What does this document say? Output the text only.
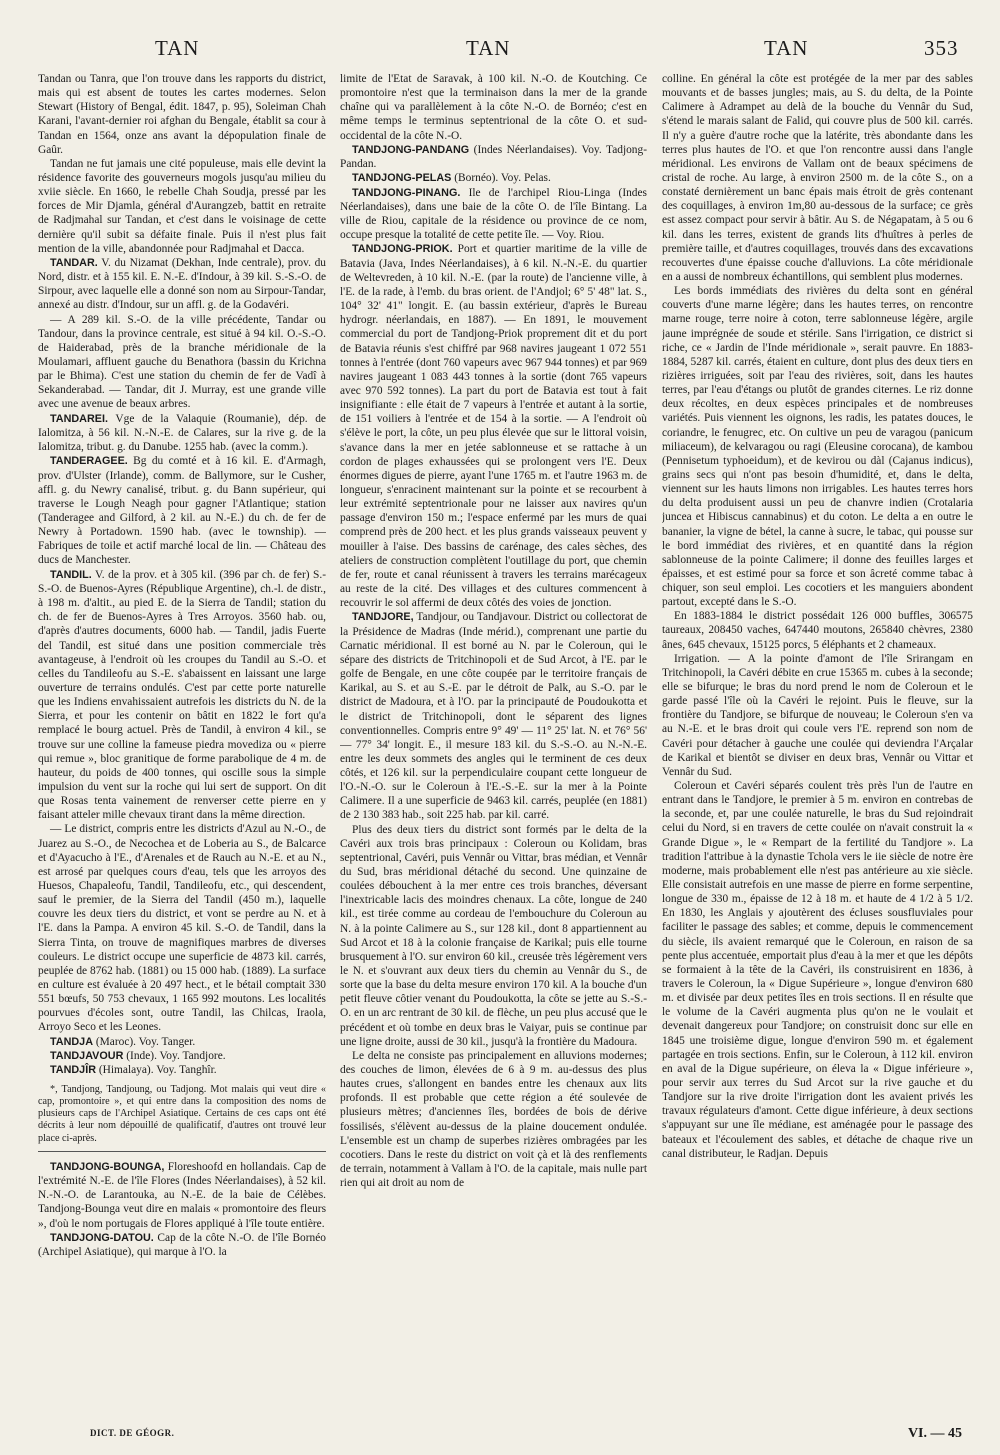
TAN	TAN	TAN	353

Tandan ou Tanra, que l'on trouve dans les rapports du district, mais qui est absent de toutes les cartes modernes. Selon Stewart (History of Bengal, édit. 1847, p. 95), Soleiman Chah Karani, l'avant-dernier roi afghan du Bengale, établit sa cour à Tandan en 1564, onze ans avant la dépopulation finale de Gaûr.

Tandan ne fut jamais une cité populeuse, mais elle devint la résidence favorite des gouverneurs mogols jusqu'au milieu du xviie siècle. En 1660, le rebelle Chah Soudja, pressé par les forces de Mir Djamla, général d'Aurangzeb, battit en retraite de Radjmahal sur Tandan, et c'est dans le voisinage de cette dernière qu'il subit sa défaite finale. Puis il n'est plus fait mention de la ville, abandonnée pour Radjmahal et Dacca.

TANDAR. V. du Nizamat (Dekhan, Inde centrale), prov. du Nord, distr. et à 155 kil. E. N.-E. d'Indour, à 39 kil. S.-S.-O. de Sirpour, avec laquelle elle a donné son nom au Sirpour-Tandar, annexé au distr. d'Indour, sur un affl. g. de la Godavéri.

— A 289 kil. S.-O. de la ville précédente, Tandar ou Tandour, dans la province centrale, est situé à 94 kil. O.-S.-O. de Haiderabad, près de la branche méridionale de la Moulamari, affluent gauche du Benathora (bassin du Krichna par le Bhima). C'est une station du chemin de fer de Vadî à Sekanderabad. — Tandar, dit J. Murray, est une grande ville avec une avenue de beaux arbres.

TANDAREI. Vge de la Valaquie (Roumanie), dép. de Ialomitza, à 56 kil. N.-N.-E. de Calares, sur la rive g. de la Ialomitza, tribut. g. du Danube. 1255 hab. (avec la comm.).

TANDERAGEE. Bg du comté et à 16 kil. E. d'Armagh, prov. d'Ulster (Irlande), comm. de Ballymore, sur le Cusher, affl. g. du Newry canalisé, tribut. g. du Bann supérieur, qui traverse le Lough Neagh pour gagner l'Atlantique; station (Tanderagee and Gilford, à 2 kil. au N.-E.) du ch. de fer de Newry à Portadown. 1590 hab. (avec le township). — Fabriques de toile et actif marché local de lin. — Château des ducs de Manchester.

TANDIL. V. de la prov. et à 305 kil. (396 par ch. de fer) S.-S.-O. de Buenos-Ayres (République Argentine), ch.-l. de distr., à 198 m. d'altit., au pied E. de la Sierra de Tandil; station du ch. de fer de Buenos-Ayres à Tres Arroyos. 3560 hab. ou, d'après d'autres documents, 6000 hab. — Tandil, jadis Fuerte del Tandil, est situé dans une position commerciale très avantageuse, à l'endroit où les croupes du Tandil au S.-O. et celles du Tandileofu au S.-E. s'abaissent en laissant une large ouverture de terrains ondulés. C'est par cette porte naturelle que les Indiens envahissaient autrefois les districts du N. de la Sierra, et pour les contenir on bâtit en 1822 le fort qu'a remplacé le bourg actuel. Près de Tandil, à environ 4 kil., se trouve sur une colline la fameuse piedra movediza ou « pierre qui remue », bloc granitique de forme parabolique de 4 m. de hauteur, du poids de 400 tonnes, qui oscille sous la simple impulsion du vent sur la roche qui lui sert de support. On dit que Rosas tenta vainement de renverser cette pierre en y faisant atteler mille chevaux tirant dans la même direction.

— Le district, compris entre les districts d'Azul au N.-O., de Juarez au S.-O., de Necochea et de Loberia au S., de Balcarce et d'Ayacucho à l'E., d'Arenales et de Rauch au N.-E. et au N., est arrosé par quelques cours d'eau, tels que les arroyos des Huesos, Chapaleofu, Tandil, Tandileofu, etc., qui descendent, sauf le premier, de la Sierra del Tandil (450 m.), laquelle couvre les deux tiers du district, et vont se perdre au N. et à l'E. dans la Pampa. A environ 45 kil. S.-O. de Tandil, dans la Sierra Tinta, on trouve de magnifiques marbres de diverses couleurs. Le district occupe une superficie de 4873 kil. carrés, peuplée de 8762 hab. (1881) ou 15 000 hab. (1889). La surface en culture est évaluée à 20 497 hect., et le bétail comptait 330 551 bœufs, 50 753 chevaux, 1 165 992 moutons. Les localités pourvues d'écoles sont, outre Tandil, las Chilcas, Iraola, Arroyo Seco et les Leones.

TANDJA (Maroc). Voy. Tanger.

TANDJAVOUR (Inde). Voy. Tandjore.

TANDJÎR (Himalaya). Voy. Tanghîr.

*, Tandjong, Tandjoung, ou Tadjong. Mot malais qui veut dire « cap, promontoire », et qui entre dans la composition des noms de plusieurs caps de l'Archipel Asiatique. Certains de ces caps ont été décrits à leur nom dépouillé de qualificatif, d'autres ont trouvé leur place ci-après.

TANDJONG-BOUNGA, Floreshoofd en hollandais. Cap de l'extrémité N.-E. de l'île Flores (Indes Néerlandaises), à 52 kil. N.-N.-O. de Larantouka, au N.-E. de la baie de Célèbes. Tandjong-Bounga veut dire en malais « promontoire des fleurs », d'où le nom portugais de Flores appliqué à l'île toute entière.

TANDJONG-DATOU. Cap de la côte N.-O. de l'île Bornéo (Archipel Asiatique), qui marque à l'O. la

limite de l'Etat de Saravak, à 100 kil. N.-O. de Koutching. Ce promontoire n'est que la terminaison dans la mer de la grande chaîne qui va parallèlement à la côte N.-O. de Bornéo; c'est en même temps le terminus septentrional de la côte O. et sud-occidental de la côte N.-O.

TANDJONG-PANDANG (Indes Néerlandaises). Voy. Tadjong-Pandan.

TANDJONG-PELAS (Bornéo). Voy. Pelas.

TANDJONG-PINANG. Ile de l'archipel Riou-Linga (Indes Néerlandaises), dans une baie de la côte O. de l'île Bintang. La ville de Riou, capitale de la résidence ou province de ce nom, occupe presque la totalité de cette petite île. — Voy. Riou.

TANDJONG-PRIOK. Port et quartier maritime de la ville de Batavia (Java, Indes Néerlandaises), à 6 kil. N.-N.-E. du quartier de Weltevreden, à 10 kil. N.-E. (par la route) de l'ancienne ville, à l'E. de la rade, à l'emb. du bras orient. de l'Andjol; 6° 5' 48" lat. S., 104° 32' 41" longit. E. (au bassin extérieur, d'après le Bureau hydrogr. néerlandais, en 1887). — En 1891, le mouvement commercial du port de Tandjong-Priok proprement dit et du port de Batavia réunis s'est chiffré par 968 navires jaugeant 1 072 551 tonnes à l'entrée (dont 760 vapeurs avec 967 944 tonnes) et par 969 navires jaugeant 1 083 443 tonnes à la sortie (dont 765 vapeurs avec 970 592 tonnes). La part du port de Batavia est tout à fait insignifiante : elle était de 7 vapeurs à l'entrée et autant à la sortie, de 151 voiliers à l'entrée et de 154 à la sortie. — A l'endroit où s'élève le port, la côte, un peu plus élevée que sur le littoral voisin, s'avance dans la mer en jetée sablonneuse et se rattache à un cordon de plages exhaussées qui se prolongent vers l'E. Deux énormes digues de pierre, ayant l'une 1765 m. et l'autre 1963 m. de longueur, s'enracinent maintenant sur la pointe et se recourbent à leur extrémité septentrionale pour ne laisser aux navires qu'un passage d'environ 150 m.; l'espace enfermé par les murs de quai comprend près de 200 hect. et les plus grands vaisseaux peuvent y mouiller à l'aise. Des bassins de carénage, des cales sèches, des ateliers de construction complètent l'outillage du port, que chemin de fer, route et canal réunissent à travers les terrains marécageux au reste de la cité. Des villages et des cultures commencent à recouvrir le sol affermi de deux côtés des voies de jonction.

TANDJORE, Tandjour, ou Tandjavour. District ou collectorat de la Présidence de Madras (Inde mérid.), comprenant une partie du Carnatic méridional. Il est borné au N. par le Coleroun, qui le sépare des districts de Tritchinopoli et de Sud Arcot, à l'E. par le golfe de Bengale, en une côte coupée par le territoire français de Karikal, au S. et au S.-E. par le détroit de Palk, au S.-O. par le district de Madoura, et à l'O. par la principauté de Poudoukotta et le district de Tritchinopoli, dont le séparent des lignes conventionnelles. Compris entre 9° 49' — 11° 25' lat. N. et 76° 56' — 77° 34' longit. E., il mesure 183 kil. du S.-S.-O. au N.-N.-E. entre les deux sommets des angles qui le terminent de ces deux côtés, et 126 kil. sur la perpendiculaire coupant cette longueur de l'O.-N.-O. sur le Coleroun à l'E.-S.-E. sur la mer à la Pointe Calimere. Il a une superficie de 9463 kil. carrés, peuplée (en 1881) de 2 130 383 hab., soit 225 hab. par kil. carré.

Plus des deux tiers du district sont formés par le delta de la Cavéri aux trois bras principaux : Coleroun ou Kolidam, bras septentrional, Cavéri, puis Vennâr ou Vittar, bras médian, et Vennâr du Sud, bras méridional détaché du second. Une quinzaine de coulées débouchent à la mer entre ces trois branches, déversant l'inextricable lacis des moindres chenaux. La côte, longue de 240 kil., est tirée comme au cordeau de l'embouchure du Coleroun au N. à la pointe Calimere au S., sur 128 kil., dont 8 appartiennent au Sud Arcot et 18 à la colonie française de Karikal; puis elle tourne brusquement à l'O. sur environ 60 kil., creusée très légèrement vers le N. et s'ouvrant aux deux tiers du chemin au Vennâr du S., de sorte que la base du delta mesure environ 170 kil. A la bouche d'un petit fleuve côtier venant du Poudoukotta, la côte se jette au S.-S.-O. en un arc rentrant de 30 kil. de flèche, un peu plus accusé que le précédent et où tombe en deux bras le Vaiyar, puis se continue par une ligne droite, aussi de 30 kil., jusqu'à la frontière du Madoura.

Le delta ne consiste pas principalement en alluvions modernes; des couches de limon, élevées de 6 à 9 m. au-dessus des plus hautes crues, s'allongent en bandes entre les chenaux aux lits profonds. Il est probable que cette région a été soulevée de plusieurs mètres; d'anciennes îles, bordées de bois de dérive fossilisés, s'élèvent au-dessus de la plaine doucement ondulée. L'ensemble est un champ de superbes rizières ombragées par les cocotiers. Dans le reste du district on voit çà et là des renflements de terrain, notamment à Vallam à l'O. de la capitale, mais nulle part rien qui ait droit au nom de

colline. En général la côte est protégée de la mer par des sables mouvants et de basses jungles; mais, au S. du delta, de la Pointe Calimere à Adrampet au delà de la bouche du Vennâr du Sud, s'étend le marais salant de Falid, qui couvre plus de 500 kil. carrés. Il n'y a guère d'autre roche que la latérite, très abondante dans les terres plus hautes de l'O. et que l'on rencontre aussi dans l'angle méridional. Les environs de Vallam ont de beaux spécimens de cristal de roche. Au large, à environ 2500 m. de la côte S., on a constaté dernièrement un banc épais mais étroit de grès contenant des coquillages, à environ 1m,80 au-dessous de la surface; ce grès est assez compact pour servir à bâtir. Au S. de Négapatam, à 5 ou 6 kil. dans les terres, existent de grands lits d'huîtres à perles de première taille, et d'autres coquillages, trouvés dans des excavations recouvertes d'une épaisse couche d'alluvions. La côte méridionale en a aussi de nombreux échantillons, qui semblent plus modernes.

Les bords immédiats des rivières du delta sont en général couverts d'une marne légère; dans les hautes terres, on rencontre marne rouge, terre noire à coton, terre sablonneuse légère, argile jaune imprégnée de soude et stérile. Sans l'irrigation, ce district si riche, ce « Jardin de l'Inde méridionale », serait pauvre. En 1883-1884, 5287 kil. carrés, étaient en culture, dont plus des deux tiers en rizières irriguées, soit par l'eau des rivières, soit, dans les hautes terres, par l'eau d'étangs ou plutôt de grandes citernes. Le riz donne deux récoltes, en deux espèces principales et de nombreuses variétés. Puis viennent les oignons, les radis, les patates douces, le coriandre, le fenugrec, etc. On cultive un peu de varagou (panicum miliaceum), de kelvaragou ou ragi (Eleusine corocana), de kambou (Pennisetum typhoeidum), et de kevirou ou dàl (Cajanus indicus), grains secs qui n'ont pas besoin d'humidité, et, dans le delta, viennent sur les hauts limons non irrigables. Les hautes terres hors du delta produisent aussi un peu de chanvre indien (Crotalaria juncea et Hibiscus cannabinus) et du coton. Le delta a en outre le bananier, la vigne de bétel, la canne à sucre, le tabac, qui pousse sur le bord immédiat des rivières, et en quantité dans la région sablonneuse de la pointe Calimere; il donne des feuilles larges et épaisses, et est estimé pour sa force et son âcreté comme tabac à chiquer, son seul emploi. Les cocotiers et les manguiers abondent partout, excepté dans le S.-O.

En 1883-1884 le district possédait 126 000 buffles, 306575 taureaux, 208450 vaches, 647440 moutons, 265840 chèvres, 2380 ânes, 645 chevaux, 15125 porcs, 5 éléphants et 2 chameaux.

Irrigation. — A la pointe d'amont de l'île Srirangam en Tritchinopoli, la Cavéri débite en crue 15365 m. cubes à la seconde; elle se bifurque; le bras du nord prend le nom de Coleroun et le garde passé l'île où la Cavéri le rejoint. Puis le fleuve, sur la frontière du Tandjore, se bifurque de nouveau; le Coleroun s'en va au N.-E. et le bras droit qui coule vers l'E. reprend son nom de Cavéri pour détacher à gauche une coulée qui deviendra l'Arçalar de Karikal et bientôt se diviser en deux bras, Vennâr ou Vittar et Vennâr du Sud.

Coleroun et Cavéri séparés coulent très près l'un de l'autre en entrant dans le Tandjore, le premier à 5 m. environ en contrebas de la seconde, et, par une coulée naturelle, le bras du Sud rejoindrait celui du Nord, si en travers de cette coulée on n'avait construit la « Grande Digue », le « Rempart de la fertilité du Tandjore ». La tradition l'attribue à la dynastie Tchola vers le iie siècle de notre ère moderne, mais probablement elle n'est pas antérieure au xie siècle. Elle consistait autrefois en une masse de pierre en forme serpentine, longue de 330 m., épaisse de 12 à 18 m. et haute de 4 1/2 à 5 1/2. En 1830, les Anglais y ajoutèrent des écluses sousfluviales pour faciliter le passage des sables; et comme, depuis le commencement du siècle, ils avaient remarqué que le Coleroun, en raison de sa pente plus accentuée, emportait plus d'eau à la mer et que les dépôts se formaient à la tête de la Cavéri, ils construisirent en 1836, à travers le Coleroun, la « Digue Supérieure », longue d'environ 680 m. et divisée par deux petites îles en trois sections. Il en résulte que le volume de la Cavéri augmenta plus qu'on ne le voulait et devenait dangereux pour Tandjore; on construisit donc sur elle en 1845 une troisième digue, longue d'environ 590 m. et également partagée en trois sections. Enfin, sur le Coleroun, à 112 kil. environ en aval de la Digue supérieure, on éleva la « Digue inférieure », pour servir aux terres du Sud Arcot sur la rive gauche et du Tandjore sur la rive droite l'irrigation dont les avaient privés les travaux régulateurs d'amont. Cette digue inférieure, à deux sections s'appuyant sur une île médiane, est aménagée pour le passage des bateaux et l'écoulement des sables, et détache de chaque rive un canal distributeur, le Radjan. Depuis

DICT. DE GÉOGR.	VI. — 45
